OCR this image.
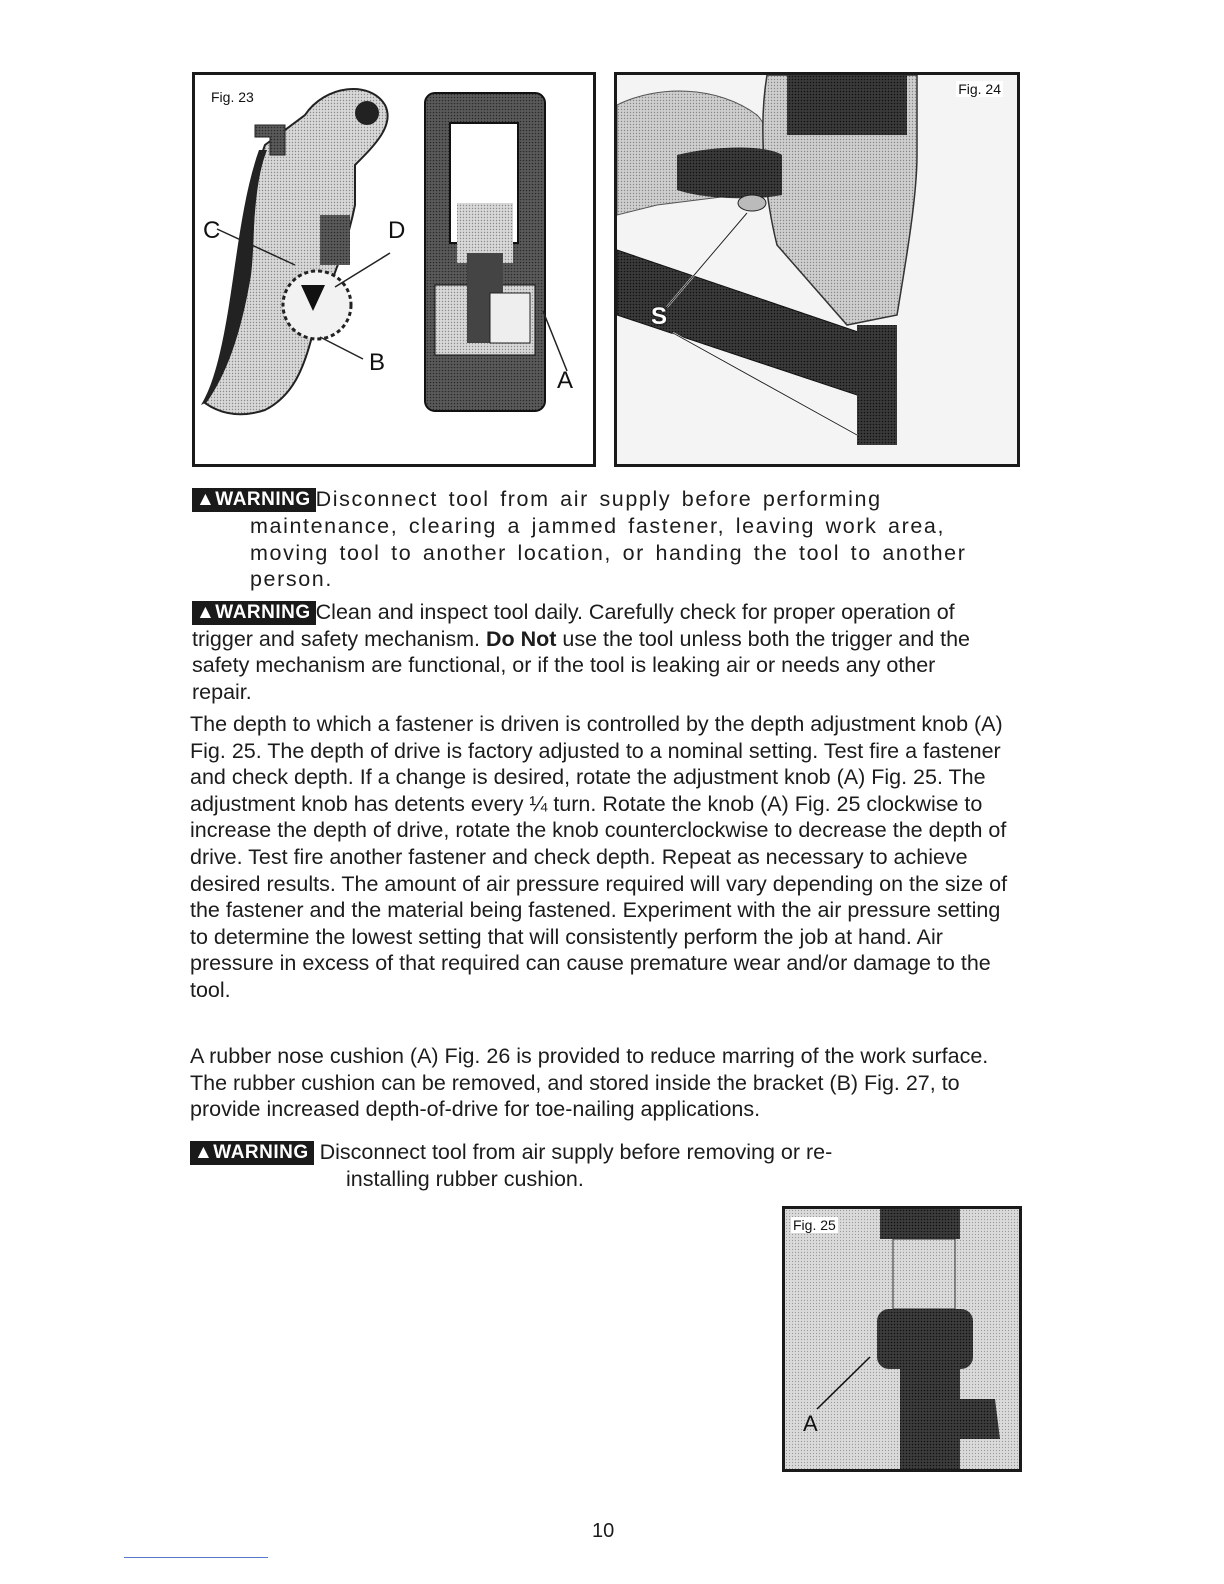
Fig. 23
C	D
B
A
Fig. 24
S

▲WARNING Disconnect tool from air supply before performing

maintenance, clearing a jammed fastener, leaving work area, moving tool to another location, or handing the tool to another person.

▲WARNING Clean and inspect tool daily. Carefully check for proper operation of trigger and safety mechanism. Do Not use the tool unless both the trigger and the safety mechanism are functional, or if the tool is leaking air or needs any other repair.

The depth to which a fastener is driven is controlled by the depth adjustment knob (A) Fig. 25. The depth of drive is factory adjusted to a nominal setting. Test fire a fastener and check depth. If a change is desired, rotate the adjustment knob (A) Fig. 25. The adjustment knob has detents every ¼ turn. Rotate the knob (A) Fig. 25 clockwise to increase the depth of drive, rotate the knob counterclockwise to decrease the depth of drive. Test fire another fastener and check depth. Repeat as necessary to achieve desired results. The amount of air pressure required will vary depending on the size of the fastener and the material being fastened. Experiment with the air pressure setting to determine the lowest setting that will consistently perform the job at hand. Air pressure in excess of that required can cause premature wear and/or damage to the tool.

A rubber nose cushion (A) Fig. 26 is provided to reduce marring of the work surface. The rubber cushion can be removed, and stored inside the bracket (B) Fig. 27, to provide increased depth-of-drive for toe-nailing applications.

▲WARNING Disconnect tool from air supply before removing or re-

installing rubber cushion.

Fig. 25
A
10
